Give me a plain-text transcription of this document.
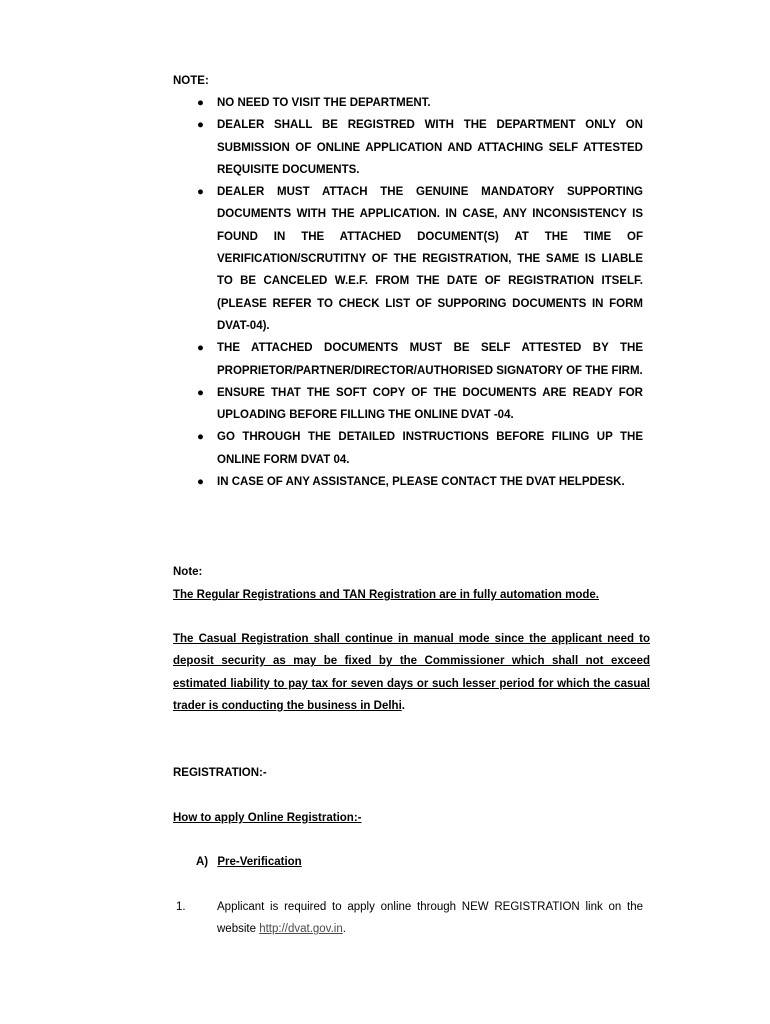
NOTE:
● NO NEED TO VISIT THE DEPARTMENT.
● DEALER SHALL BE REGISTRED WITH THE DEPARTMENT ONLY ON SUBMISSION OF ONLINE APPLICATION AND ATTACHING SELF ATTESTED REQUISITE DOCUMENTS.
● DEALER MUST ATTACH THE GENUINE MANDATORY SUPPORTING DOCUMENTS WITH THE APPLICATION. IN CASE, ANY INCONSISTENCY IS FOUND IN THE ATTACHED DOCUMENT(S) AT THE TIME OF VERIFICATION/SCRUTITNY OF THE REGISTRATION, THE SAME IS LIABLE TO BE CANCELED W.E.F. FROM THE DATE OF REGISTRATION ITSELF. (PLEASE REFER TO CHECK LIST OF SUPPORING DOCUMENTS IN FORM DVAT-04).
● THE ATTACHED DOCUMENTS MUST BE SELF ATTESTED BY THE PROPRIETOR/PARTNER/DIRECTOR/AUTHORISED SIGNATORY OF THE FIRM.
● ENSURE THAT THE SOFT COPY OF THE DOCUMENTS ARE READY FOR UPLOADING BEFORE FILLING THE ONLINE DVAT -04.
● GO THROUGH THE DETAILED INSTRUCTIONS BEFORE FILING UP THE ONLINE FORM DVAT 04.
● IN CASE OF ANY ASSISTANCE, PLEASE CONTACT THE DVAT HELPDESK.
Note:
The Regular Registrations and TAN Registration are in fully automation mode.
The Casual Registration shall continue in manual mode since the applicant need to deposit security as may be fixed by the Commissioner which shall not exceed estimated liability to pay tax for seven days or such lesser period for which the casual trader is conducting the business in Delhi.
REGISTRATION:-
How to apply Online Registration:-
A) Pre-Verification
1.	Applicant is required to apply online through NEW REGISTRATION link on the website http://dvat.gov.in.
